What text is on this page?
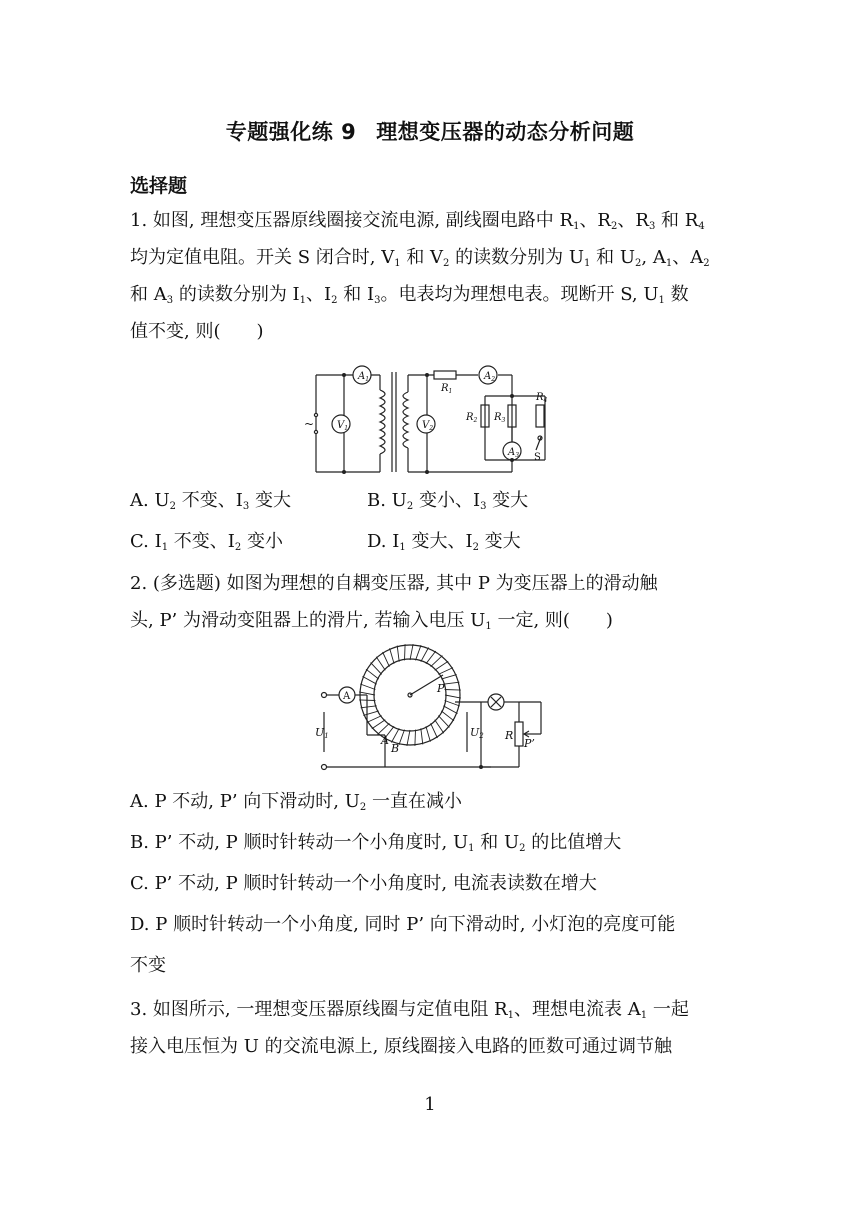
专题强化练 9 理想变压器的动态分析问题
选择题
1. 如图, 理想变压器原线圈接交流电源, 副线圈电路中 $R_1$、$R_2$、$R_3$ 和 $R_4$
均为定值电阻。开关 S 闭合时, $V_1$ 和 $V_2$ 的读数分别为 $U_1$ 和 $U_2$, $A_1$、$A_2$
和 $A_3$ 的读数分别为 $I_1$、$I_2$ 和 $I_3$。电表均为理想电表。现断开 S, $U_1$ 数
值不变, 则(　　)
$A_1$
$V_1$	$V_2$
$A_2$
$A_3$
$R_1$
$R_2$ $R_3$
$R_4$
S
~
A. $U_2$ 不变、$I_3$ 变大	B. $U_2$ 变小、$I_3$ 变大
C. $I_1$ 不变、$I_2$ 变小	D. $I_1$ 变大、$I_2$ 变大
2. (多选题) 如图为理想的自耦变压器, 其中 P 为变压器上的滑动触
头, P’ 为滑动变阻器上的滑片, 若输入电压 $U_1$ 一定, 则(　　)
A
P
P’
R
A
B
U1	U2
A. P 不动, P’ 向下滑动时, $U_2$ 一直在减小
B. P’ 不动, P 顺时针转动一个小角度时, $U_1$ 和 $U_2$ 的比值增大
C. P’ 不动, P 顺时针转动一个小角度时, 电流表读数在增大
D. P 顺时针转动一个小角度, 同时 P’ 向下滑动时, 小灯泡的亮度可能
不变
3. 如图所示, 一理想变压器原线圈与定值电阻 $R_1$、理想电流表 $A_1$ 一起
接入电压恒为 U 的交流电源上, 原线圈接入电路的匝数可通过调节触
1
